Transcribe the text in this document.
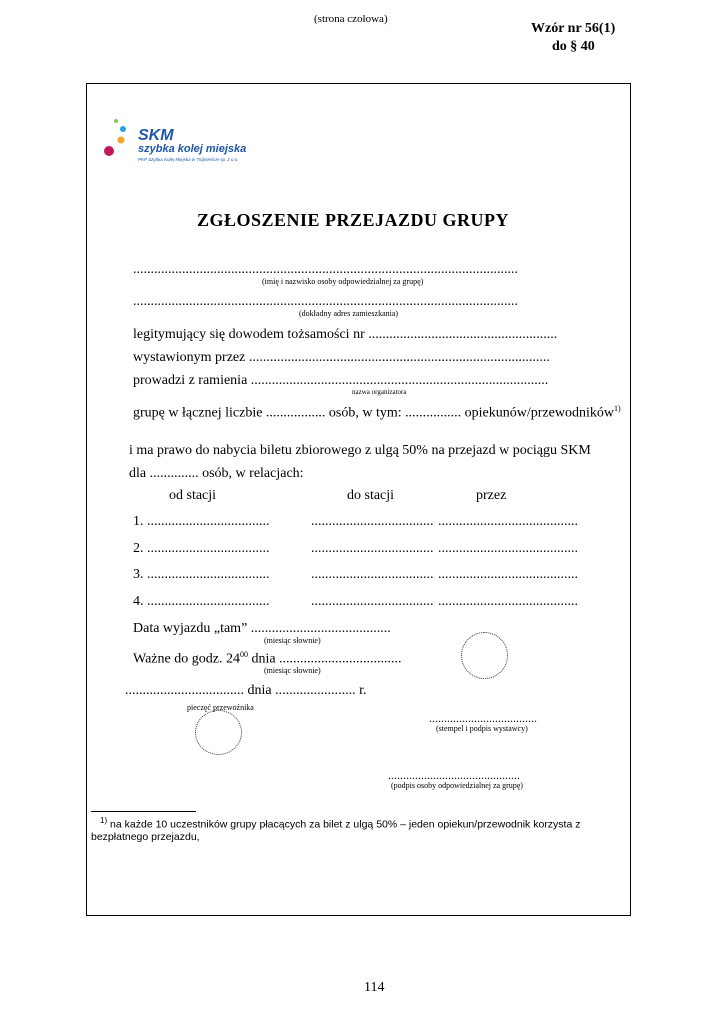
(strona czołowa)
Wzór nr 56(1)
do § 40
SKM
szybka kolej miejska
PKP Szybka Kolej Miejska w Trójmieście sp. z o.o.
ZGŁOSZENIE PRZEJAZDU GRUPY
..............................................................................................................
(imię i nazwisko osoby odpowiedzialnej za grupę)
..............................................................................................................
(dokładny adres zamieszkania)
legitymujący się dowodem tożsamości nr ......................................................
wystawionym przez ......................................................................................
prowadzi z ramienia .....................................................................................
nazwa organizatora
grupę w łącznej liczbie ................. osób, w tym: ................ opiekunów/przewodników$^{1)}$
i ma prawo do nabycia biletu zbiorowego z ulgą 50% na przejazd w pociągu SKM
dla .............. osób, w relacjach:
od stacji	do stacji	przez
1. ...................................	................................... ........................................
2. ...................................	................................... ........................................
3. ...................................	................................... ........................................
4. ...................................	................................... ........................................
Data wyjazdu „tam” ........................................
(miesiąc słownie)
Ważne do godz. $24^{00}$ dnia ...................................
(miesiąc słownie)
.................................. dnia ....................... r.
pieczęć przewoźnika
....................................
(stempel i podpis wystawcy)
............................................
(podpis osoby odpowiedzialnej za grupę)
$^{1)}$ na każde 10 uczestników grupy płacących za bilet z ulgą 50% – jeden opiekun/przewodnik korzysta z
bezpłatnego przejazdu,
114
